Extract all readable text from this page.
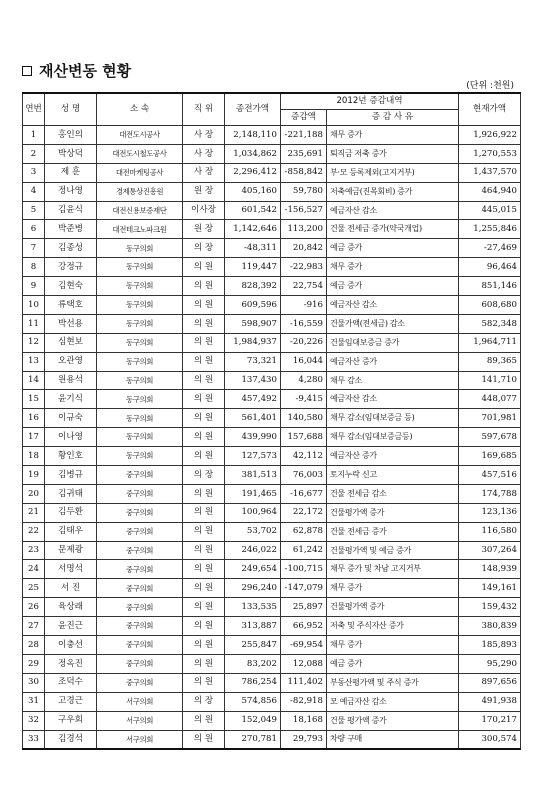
재산변동 현황
(단위 :천원)
연번	성 명	소 속	직 위	종전가액	2012년 증감내역		현재가액
					증감액	증 감 사 유	
1	홍인의	대전도시공사	사 장	2,148,110	-221,188	채무 증가	1,926,922
2	박상덕	대전도시철도공사	사 장	1,034,862	235,691	퇴직금 저축 증가	1,270,553
3	제 훈	대전마케팅공사	사 장	2,296,412	-858,842	부·모 등록제외(고지거부)	1,437,570
4	정나영	경제통상진흥원	원 장	405,160	59,780	저축예금(진목회비) 증가	464,940
5	김윤식	대전신용보증재단	이사장	601,542	-156,527	예금자산 감소	445,015
6	박준병	대전테크노파크원	원 장	1,142,646	113,200	건물 전세금 증가(약국개업)	1,255,846
7	김종성	동구의회	의 장	-48,311	20,842	예금 증가	-27,469
8	강정규	동구의회	의 원	119,447	-22,983	채무 증가	96,464
9	김현숙	동구의회	의 원	828,392	22,754	예금 증가	851,146
10	류택호	동구의회	의 원	609,596	-916	예금자산 감소	608,680
11	박선용	동구의회	의 원	598,907	-16,559	건물가액(전세금) 감소	582,348
12	심현보	동구의회	의 원	1,984,937	-20,226	건물임대보증금 증가	1,964,711
13	오관영	동구의회	의 원	73,321	16,044	예금자산 증가	89,365
14	원용석	동구의회	의 원	137,430	4,280	채무 감소	141,710
15	윤기식	동구의회	의 원	457,492	-9,415	예금자산 감소	448,077
16	이규숙	동구의회	의 원	561,401	140,580	채무 감소(임대보증금 등)	701,981
17	이나영	동구의회	의 원	439,990	157,688	채무 감소(임대보증금등)	597,678
18	황인호	동구의회	의 원	127,573	42,112	예금자산 증가	169,685
19	김병규	중구의회	의 장	381,513	76,003	토지누락 신고	457,516
20	김귀태	중구의회	의 원	191,465	-16,677	건물 전세금 감소	174,788
21	김두환	중구의회	의 원	100,964	22,172	건물평가액 증가	123,136
22	김태우	중구의회	의 원	53,702	62,878	건물 전세금 증가	116,580
23	문제광	중구의회	의 원	246,022	61,242	건물평가액 및 예금 증가	307,264
24	서명석	중구의회	의 원	249,654	-100,715	채무 증가 및 차남 고지거부	148,939
25	서 진	중구의회	의 원	296,240	-147,079	채무 증가	149,161
26	육상래	중구의회	의 원	133,535	25,897	건물평가액 증가	159,432
27	윤진근	중구의회	의 원	313,887	66,952	저축 및 주식자산 증가	380,839
28	이충선	중구의회	의 원	255,847	-69,954	채무 증가	185,893
29	정옥진	중구의회	의 원	83,202	12,088	예금 증가	95,290
30	조덕수	중구의회	의 원	786,254	111,402	부동산평가액 및 주식 증가	897,656
31	고경근	서구의회	의 장	574,856	-82,918	모 예금자산 감소	491,938
32	구우회	서구의회	의 원	152,049	18,168	건물 평가액 증가	170,217
33	김경석	서구의회	의 원	270,781	29,793	차량 구매	300,574
